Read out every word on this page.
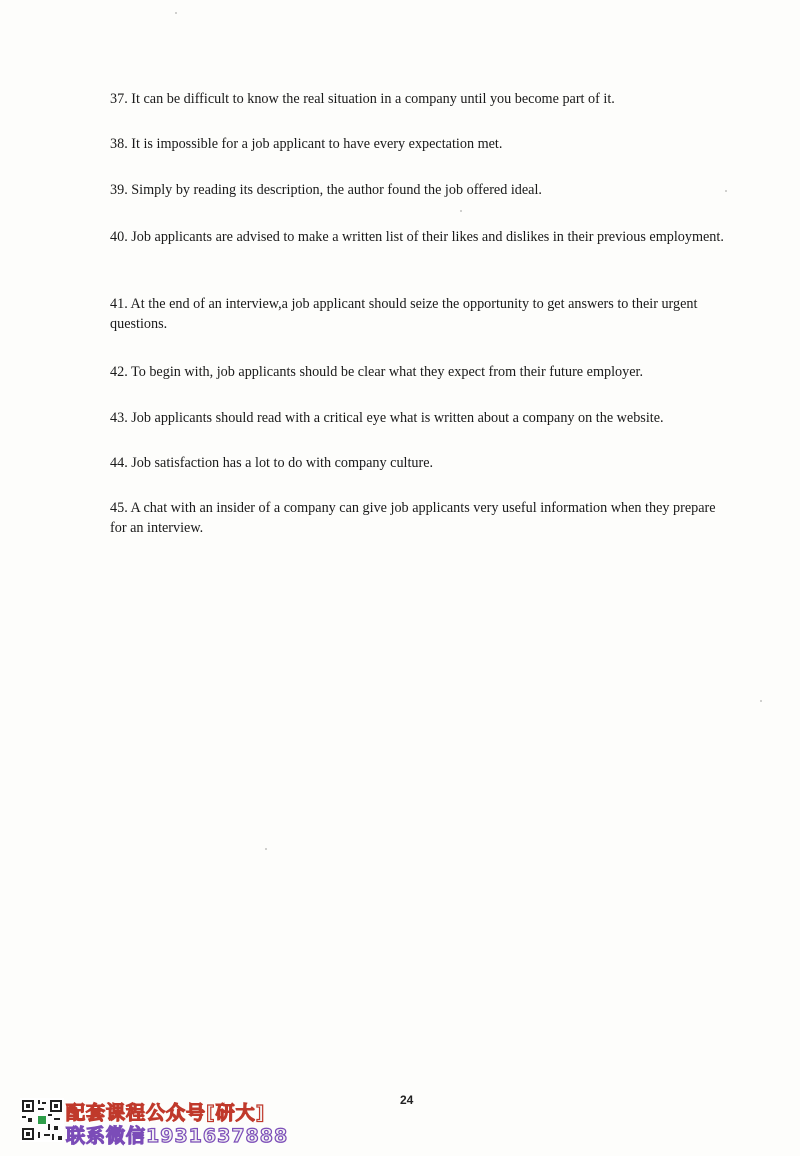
37. It can be difficult to know the real situation in a company until you become part of it.
38. It is impossible for a job applicant to have every expectation met.
39. Simply by reading its description, the author found the job offered ideal.
40. Job applicants are advised to make a written list of their likes and dislikes in their previous employment.
41. At the end of an interview,a job applicant should seize the opportunity to get answers to their urgent questions.
42. To begin with, job applicants should be clear what they expect from their future employer.
43. Job applicants should read with a critical eye what is written about a company on the website.
44. Job satisfaction has a lot to do with company culture.
45. A chat with an insider of a company can give job applicants very useful information when they prepare for an interview.
24
配套课程公众号[研大]
联系微信1931637888
